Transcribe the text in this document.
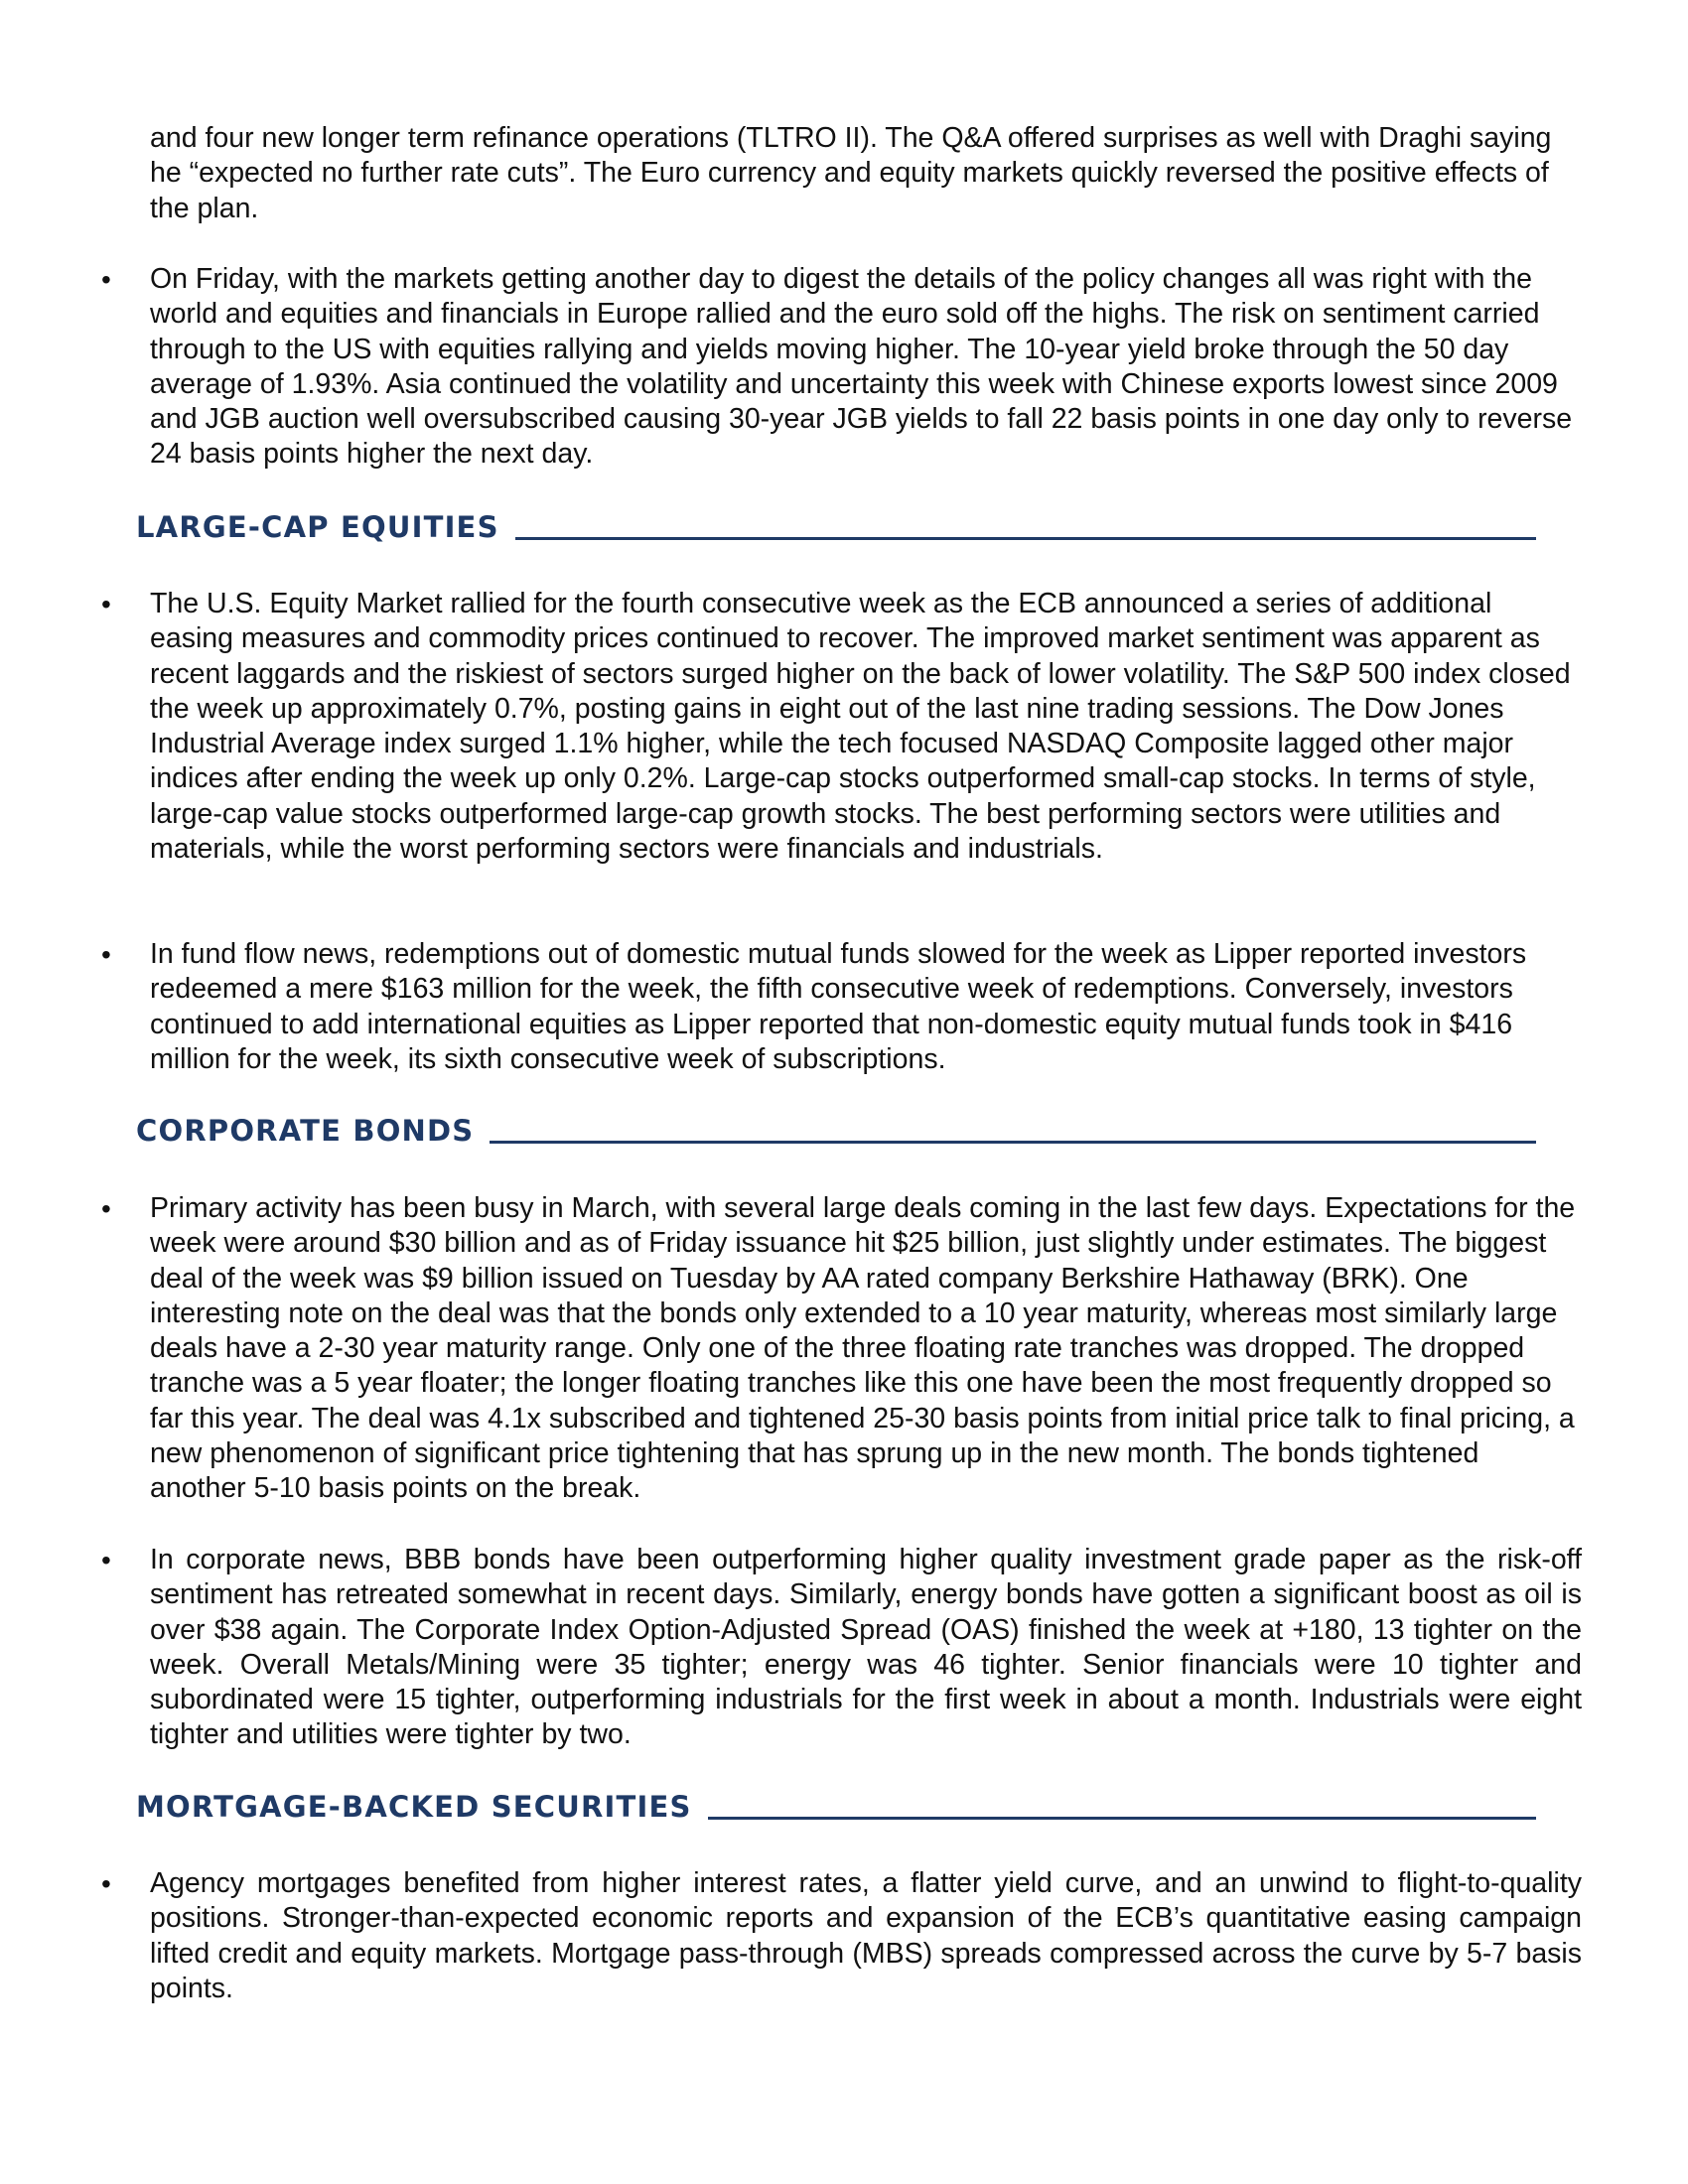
and four new longer term refinance operations (TLTRO II). The Q&A offered surprises as well with Draghi saying he “expected no further rate cuts”. The Euro currency and equity markets quickly reversed the positive effects of the plan.

• On Friday, with the markets getting another day to digest the details of the policy changes all was right with the world and equities and financials in Europe rallied and the euro sold off the highs. The risk on sentiment carried through to the US with equities rallying and yields moving higher. The 10-year yield broke through the 50 day average of 1.93%. Asia continued the volatility and uncertainty this week with Chinese exports lowest since 2009 and JGB auction well oversubscribed causing 30-year JGB yields to fall 22 basis points in one day only to reverse 24 basis points higher the next day.
LARGE-CAP EQUITIES
• The U.S. Equity Market rallied for the fourth consecutive week as the ECB announced a series of additional easing measures and commodity prices continued to recover. The improved market sentiment was apparent as recent laggards and the riskiest of sectors surged higher on the back of lower volatility. The S&P 500 index closed the week up approximately 0.7%, posting gains in eight out of the last nine trading sessions. The Dow Jones Industrial Average index surged 1.1% higher, while the tech focused NASDAQ Composite lagged other major indices after ending the week up only 0.2%. Large-cap stocks outperformed small-cap stocks. In terms of style, large-cap value stocks outperformed large-cap growth stocks. The best performing sectors were utilities and materials, while the worst performing sectors were financials and industrials.
• In fund flow news, redemptions out of domestic mutual funds slowed for the week as Lipper reported investors redeemed a mere $163 million for the week, the fifth consecutive week of redemptions. Conversely, investors continued to add international equities as Lipper reported that non-domestic equity mutual funds took in $416 million for the week, its sixth consecutive week of subscriptions.
CORPORATE BONDS
• Primary activity has been busy in March, with several large deals coming in the last few days. Expectations for the week were around $30 billion and as of Friday issuance hit $25 billion, just slightly under estimates. The biggest deal of the week was $9 billion issued on Tuesday by AA rated company Berkshire Hathaway (BRK). One interesting note on the deal was that the bonds only extended to a 10 year maturity, whereas most similarly large deals have a 2-30 year maturity range. Only one of the three floating rate tranches was dropped. The dropped tranche was a 5 year floater; the longer floating tranches like this one have been the most frequently dropped so far this year. The deal was 4.1x subscribed and tightened 25-30 basis points from initial price talk to final pricing, a new phenomenon of significant price tightening that has sprung up in the new month. The bonds tightened another 5-10 basis points on the break.
• In corporate news, BBB bonds have been outperforming higher quality investment grade paper as the risk-off sentiment has retreated somewhat in recent days. Similarly, energy bonds have gotten a significant boost as oil is over $38 again. The Corporate Index Option-Adjusted Spread (OAS) finished the week at +180, 13 tighter on the week. Overall Metals/Mining were 35 tighter; energy was 46 tighter. Senior financials were 10 tighter and subordinated were 15 tighter, outperforming industrials for the first week in about a month. Industrials were eight tighter and utilities were tighter by two.
MORTGAGE-BACKED SECURITIES
• Agency mortgages benefited from higher interest rates, a flatter yield curve, and an unwind to flight-to-quality positions. Stronger-than-expected economic reports and expansion of the ECB’s quantitative easing campaign lifted credit and equity markets. Mortgage pass-through (MBS) spreads compressed across the curve by 5-7 basis points.
